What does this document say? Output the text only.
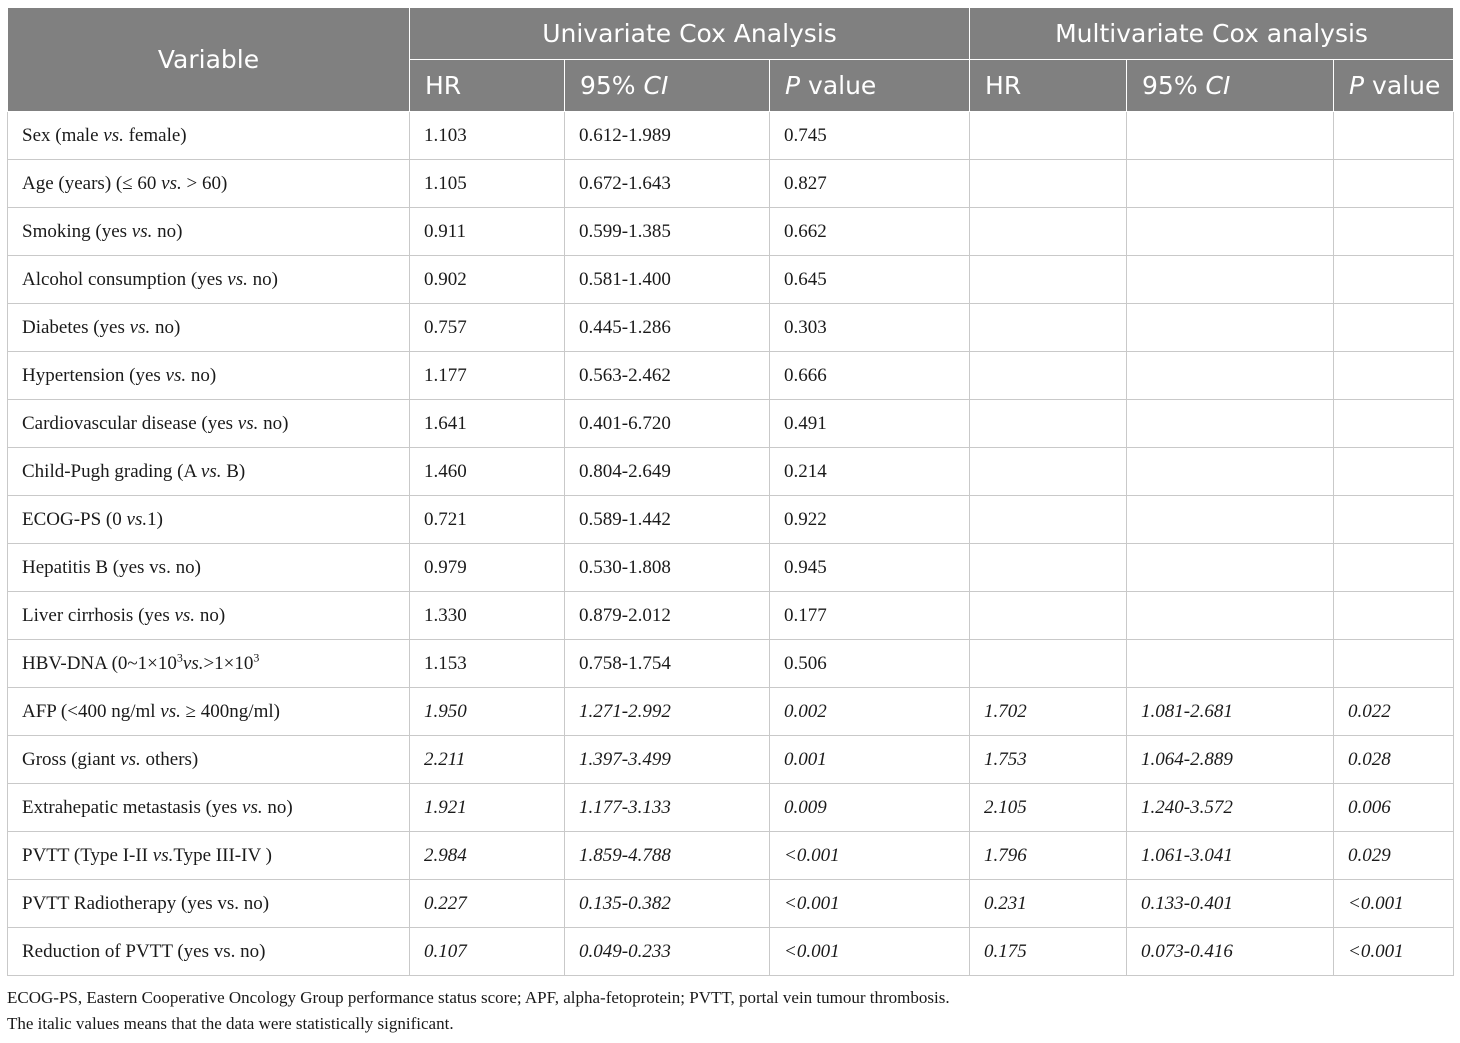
Variable	Univariate Cox Analysis			Multivariate Cox analysis		
	HR	95% CI	P value	HR	95% CI	P value
Sex (male vs. female)	1.103	0.612-1.989	0.745			
Age (years) (≤ 60 vs. > 60)	1.105	0.672-1.643	0.827			
Smoking (yes vs. no)	0.911	0.599-1.385	0.662			
Alcohol consumption (yes vs. no)	0.902	0.581-1.400	0.645			
Diabetes (yes vs. no)	0.757	0.445-1.286	0.303			
Hypertension (yes vs. no)	1.177	0.563-2.462	0.666			
Cardiovascular disease (yes vs. no)	1.641	0.401-6.720	0.491			
Child-Pugh grading (A vs. B)	1.460	0.804-2.649	0.214			
ECOG-PS (0 vs.1)	0.721	0.589-1.442	0.922			
Hepatitis B (yes vs. no)	0.979	0.530-1.808	0.945			
Liver cirrhosis (yes vs. no)	1.330	0.879-2.012	0.177			
HBV-DNA ($0\sim 1\times 10^3vs.>1\times 10^3$	1.153	0.758-1.754	0.506			
AFP (<400 ng/ml vs. ≥ 400ng/ml)	1.950	1.271-2.992	0.002	1.702	1.081-2.681	0.022
Gross (giant vs. others)	2.211	1.397-3.499	0.001	1.753	1.064-2.889	0.028
Extrahepatic metastasis (yes vs. no)	1.921	1.177-3.133	0.009	2.105	1.240-3.572	0.006
PVTT (Type I-II vs.Type III-IV )	2.984	1.859-4.788	<0.001	1.796	1.061-3.041	0.029
PVTT Radiotherapy (yes vs. no)	0.227	0.135-0.382	<0.001	0.231	0.133-0.401	<0.001
Reduction of PVTT (yes vs. no)	0.107	0.049-0.233	<0.001	0.175	0.073-0.416	<0.001
ECOG-PS, Eastern Cooperative Oncology Group performance status score; APF, alpha-fetoprotein; PVTT, portal vein tumour thrombosis.
The italic values means that the data were statistically significant.
